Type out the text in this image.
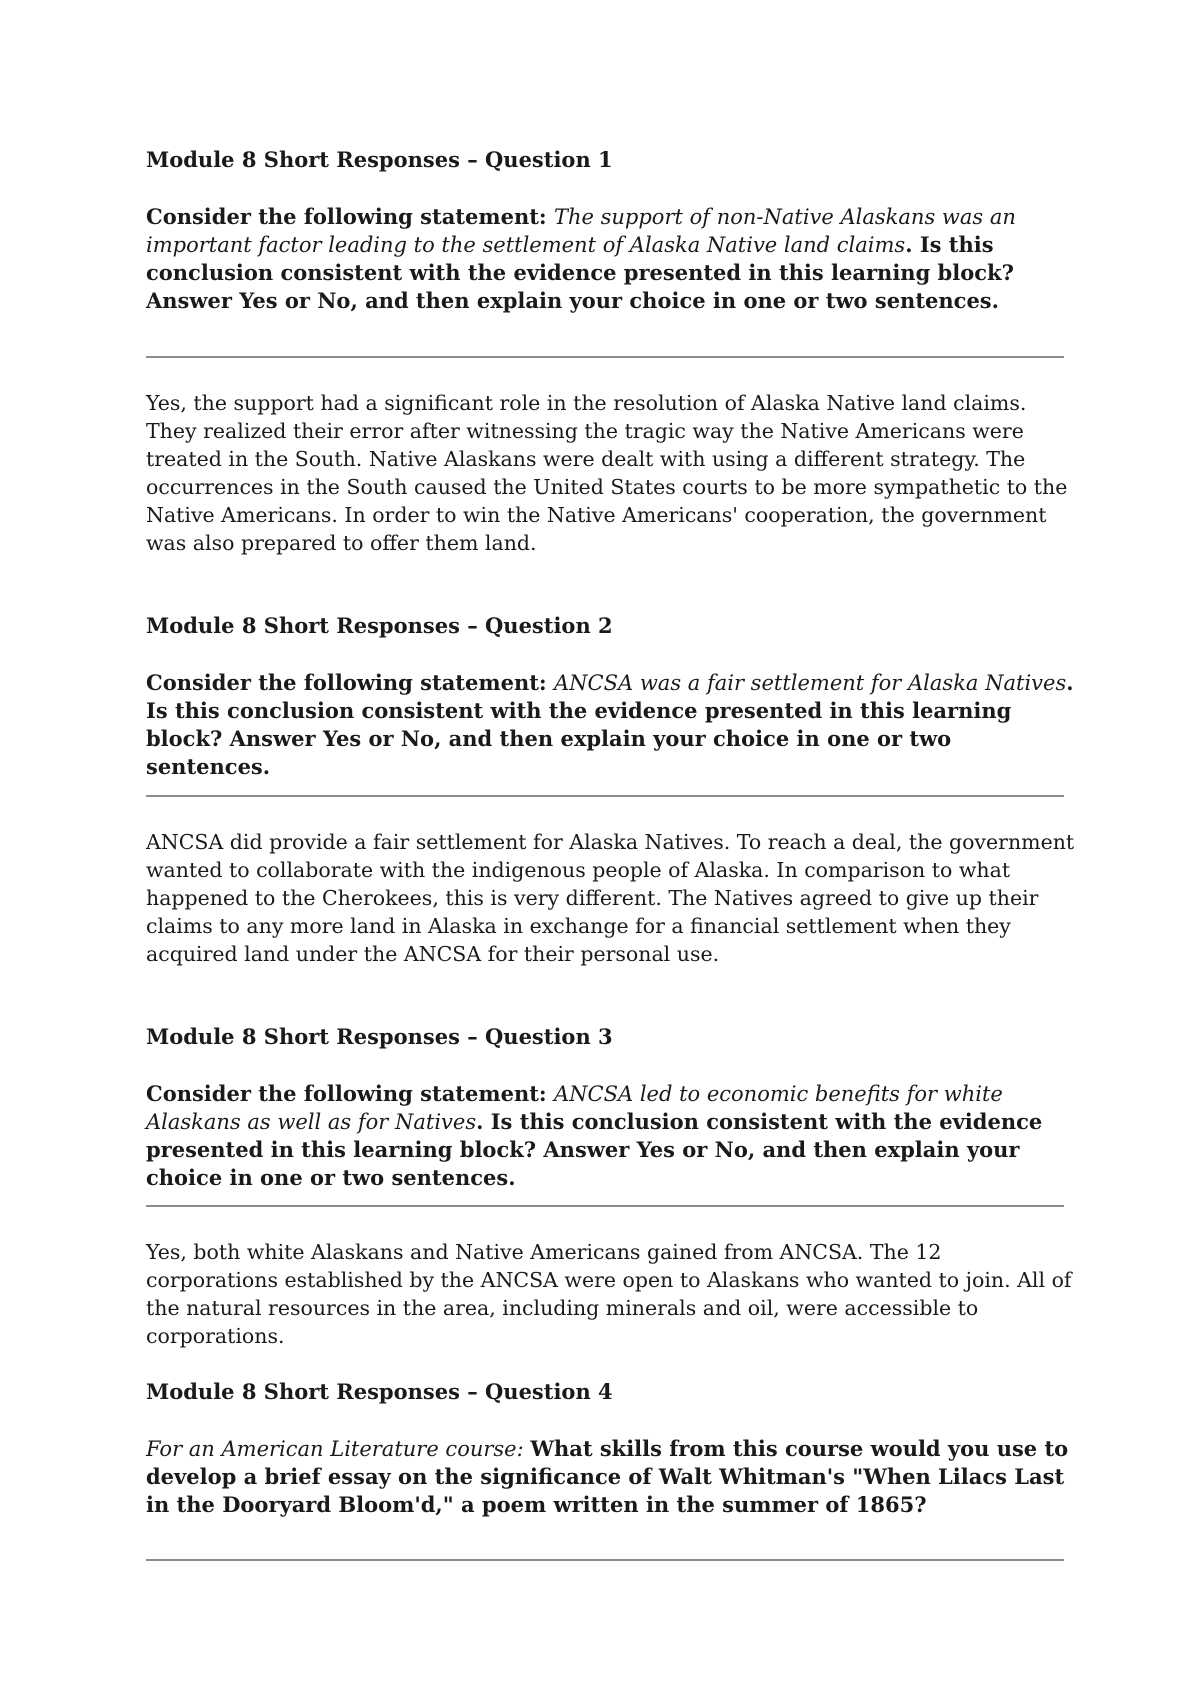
Module 8 Short Responses – Question 1
Consider the following statement: The support of non-Native Alaskans was an important factor leading to the settlement of Alaska Native land claims. Is this conclusion consistent with the evidence presented in this learning block? Answer Yes or No, and then explain your choice in one or two sentences.
Yes, the support had a significant role in the resolution of Alaska Native land claims. They realized their error after witnessing the tragic way the Native Americans were treated in the South. Native Alaskans were dealt with using a different strategy. The occurrences in the South caused the United States courts to be more sympathetic to the Native Americans. In order to win the Native Americans' cooperation, the government was also prepared to offer them land.
Module 8 Short Responses – Question 2
Consider the following statement: ANCSA was a fair settlement for Alaska Natives. Is this conclusion consistent with the evidence presented in this learning block? Answer Yes or No, and then explain your choice in one or two sentences.
ANCSA did provide a fair settlement for Alaska Natives. To reach a deal, the government wanted to collaborate with the indigenous people of Alaska. In comparison to what happened to the Cherokees, this is very different. The Natives agreed to give up their claims to any more land in Alaska in exchange for a financial settlement when they acquired land under the ANCSA for their personal use.
Module 8 Short Responses – Question 3
Consider the following statement: ANCSA led to economic benefits for white Alaskans as well as for Natives. Is this conclusion consistent with the evidence presented in this learning block? Answer Yes or No, and then explain your choice in one or two sentences.
Yes, both white Alaskans and Native Americans gained from ANCSA. The 12 corporations established by the ANCSA were open to Alaskans who wanted to join. All of the natural resources in the area, including minerals and oil, were accessible to corporations.
Module 8 Short Responses – Question 4
For an American Literature course: What skills from this course would you use to develop a brief essay on the significance of Walt Whitman's "When Lilacs Last in the Dooryard Bloom'd," a poem written in the summer of 1865?
